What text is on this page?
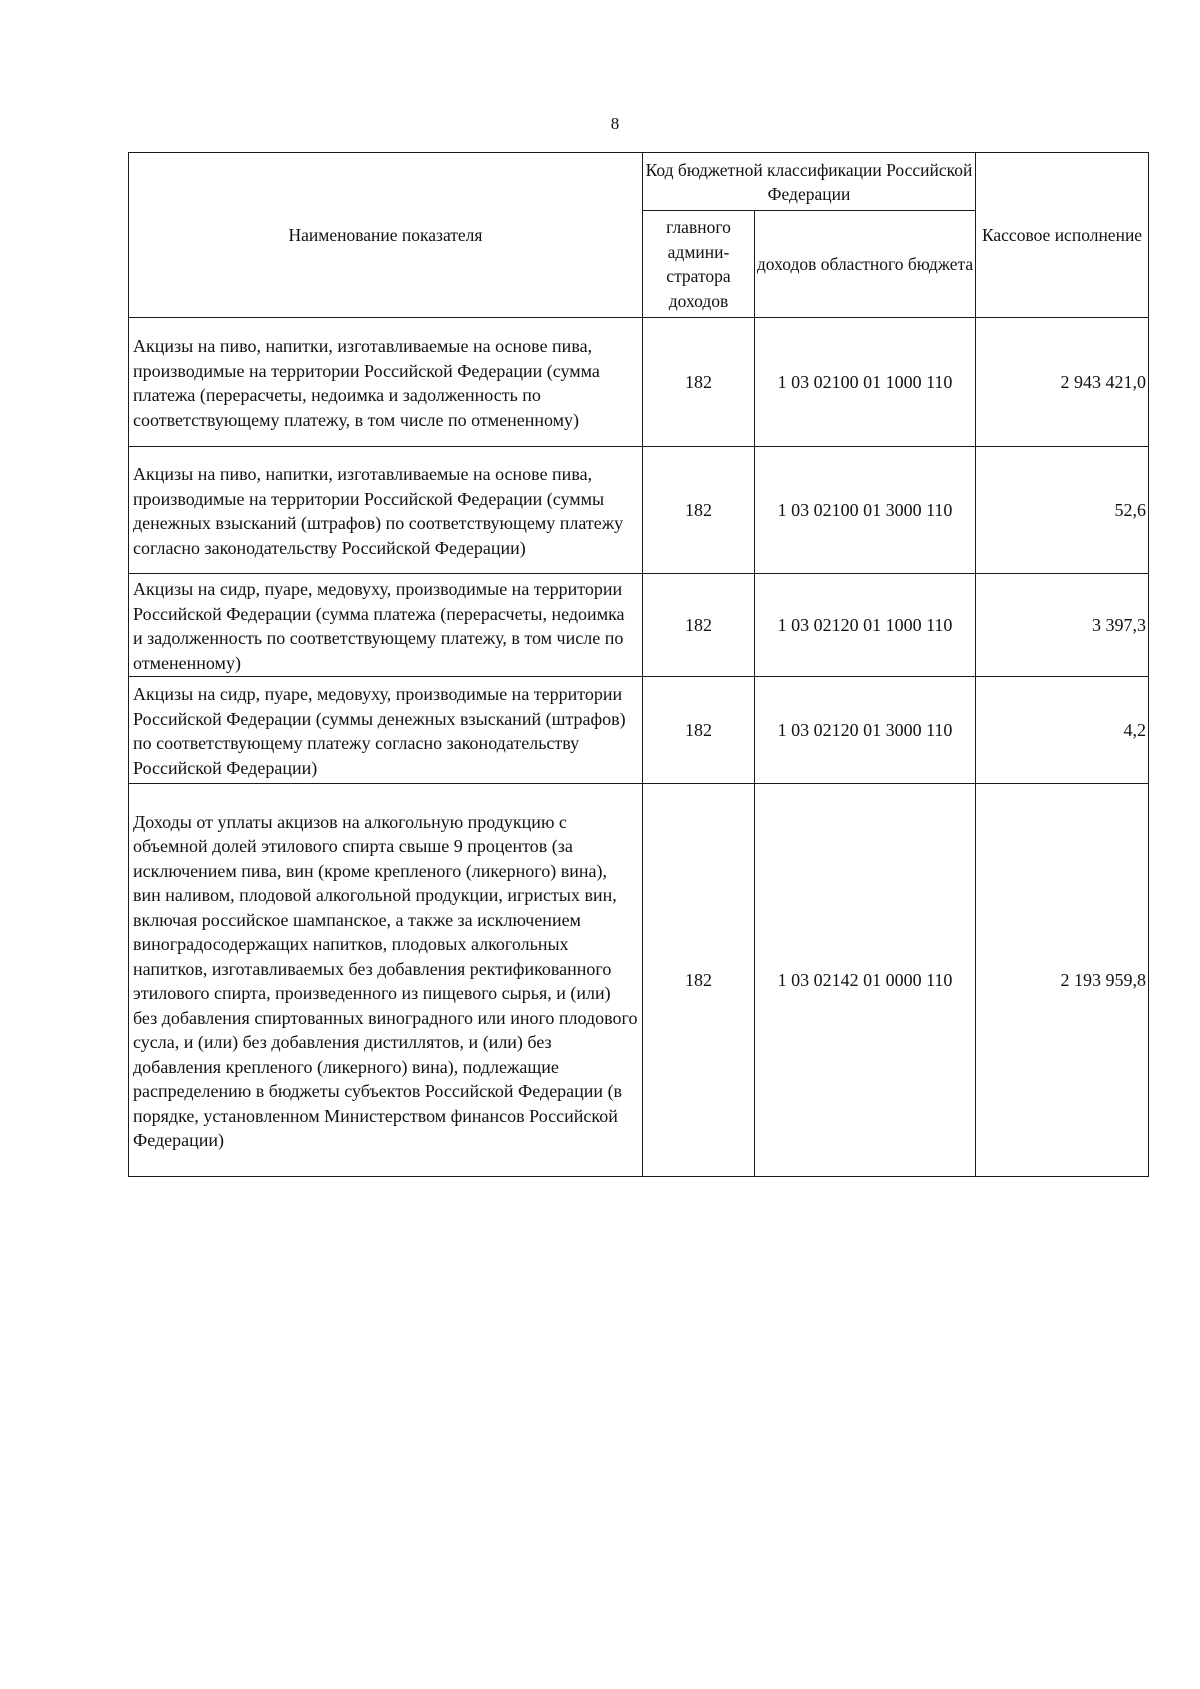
8
Наименование показателя	Код бюджетной классификации Российской Федерации		Кассовое исполнение
	главного админи-стратора доходов	доходов областного бюджета	
Акцизы на пиво, напитки, изготавливаемые на основе пива, производимые на территории Российской Федерации (сумма платежа (перерасчеты, недоимка и задолженность по соответствующему платежу, в том числе по отмененному)	182	1 03 02100 01 1000 110	2 943 421,0
Акцизы на пиво, напитки, изготавливаемые на основе пива, производимые на территории Российской Федерации (суммы денежных взысканий (штрафов) по соответствующему платежу согласно законодательству Российской Федерации)	182	1 03 02100 01 3000 110	52,6
Акцизы на сидр, пуаре, медовуху, производимые на территории Российской Федерации (сумма платежа (перерасчеты, недоимка и задолженность по соответствующему платежу, в том числе по отмененному)	182	1 03 02120 01 1000 110	3 397,3
Акцизы на сидр, пуаре, медовуху, производимые на территории Российской Федерации (суммы денежных взысканий (штрафов) по соответствующему платежу согласно законодательству Российской Федерации)	182	1 03 02120 01 3000 110	4,2
Доходы от уплаты акцизов на алкогольную продукцию с объемной долей этилового спирта свыше 9 процентов (за исключением пива, вин (кроме крепленого (ликерного) вина), вин наливом, плодовой алкогольной продукции, игристых вин, включая российское шампанское, а также за исключением виноградосодержащих напитков, плодовых алкогольных напитков, изготавливаемых без добавления ректификованного этилового спирта, произведенного из пищевого сырья, и (или) без добавления спиртованных виноградного или иного плодового сусла, и (или) без добавления дистиллятов, и (или) без добавления крепленого (ликерного) вина), подлежащие распределению в бюджеты субъектов Российской Федерации (в порядке, установленном Министерством финансов Российской Федерации)	182	1 03 02142 01 0000 110	2 193 959,8
